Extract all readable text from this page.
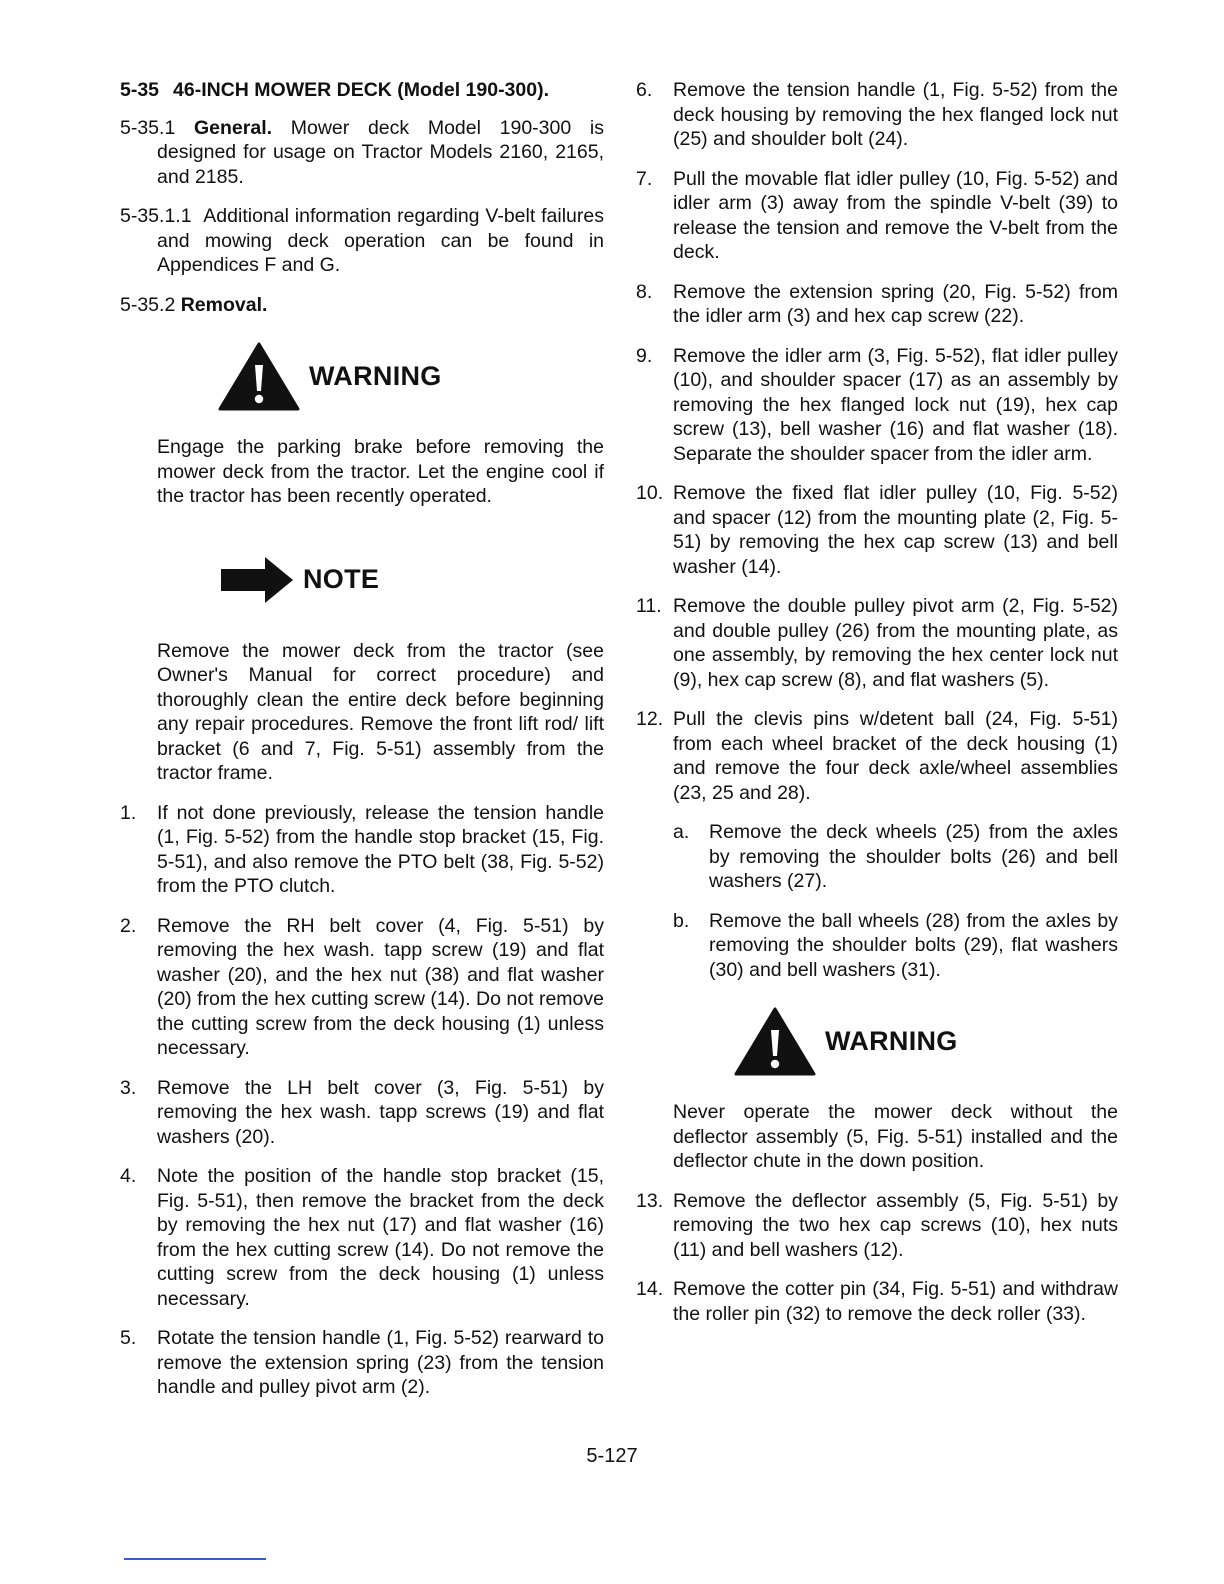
5-35 46-INCH MOWER DECK (Model 190-300).

5-35.1 General. Mower deck Model 190-300 is designed for usage on Tractor Models 2160, 2165, and 2185.

5-35.1.1 Additional information regarding V-belt failures and mowing deck operation can be found in Appendices F and G.

5-35.2
Removal.

WARNING

Engage the parking brake before removing the mower deck from the tractor. Let the engine cool if the tractor has been recently operated.

NOTE

Remove the mower deck from the tractor (see Owner's Manual for correct procedure) and thoroughly clean the entire deck before beginning any repair procedures. Remove the front lift rod/ lift bracket (6 and 7, Fig. 5-51) assembly from the tractor frame.

1.	If not done previously, release the tension handle (1, Fig. 5-52) from the handle stop bracket (15, Fig. 5-51), and also remove the PTO belt (38, Fig. 5-52) from the PTO clutch.
2.	Remove the RH belt cover (4, Fig. 5-51) by removing the hex wash. tapp screw (19) and flat washer (20), and the hex nut (38) and flat washer (20) from the hex cutting screw (14). Do not remove the cutting screw from the deck housing (1) unless necessary.
3.	Remove the LH belt cover (3, Fig. 5-51) by removing the hex wash. tapp screws (19) and flat washers (20).
4.	Note the position of the handle stop bracket (15, Fig. 5-51), then remove the bracket from the deck by removing the hex nut (17) and flat washer (16) from the hex cutting screw (14). Do not remove the cutting screw from the deck housing (1) unless necessary.
5.	Rotate the tension handle (1, Fig. 5-52) rearward to remove the extension spring (23) from the tension handle and pulley pivot arm (2).
6.	Remove the tension handle (1, Fig. 5-52) from the deck housing by removing the hex flanged lock nut (25) and shoulder bolt (24).
7.	Pull the movable flat idler pulley (10, Fig. 5-52) and idler arm (3) away from the spindle V-belt (39) to release the tension and remove the V-belt from the deck.
8.	Remove the extension spring (20, Fig. 5-52) from the idler arm (3) and hex cap screw (22).
9.	Remove the idler arm (3, Fig. 5-52), flat idler pulley (10), and shoulder spacer (17) as an assembly by removing the hex flanged lock nut (19), hex cap screw (13), bell washer (16) and flat washer (18). Separate the shoulder spacer from the idler arm.
10. Remove the fixed flat idler pulley (10, Fig. 5-52) and spacer (12) from the mounting plate (2, Fig. 5-51) by removing the hex cap screw (13) and bell washer (14).
11. Remove the double pulley pivot arm (2, Fig. 5-52) and double pulley (26) from the mounting plate, as one assembly, by removing the hex center lock nut (9), hex cap screw (8), and flat washers (5).
12. Pull the clevis pins w/detent ball (24, Fig. 5-51) from each wheel bracket of the deck housing (1) and remove the four deck axle/wheel assemblies (23, 25 and 28).
a.	Remove the deck wheels (25) from the axles by removing the shoulder bolts (26) and bell washers (27).
b.	Remove the ball wheels (28) from the axles by removing the shoulder bolts (29), flat washers (30) and bell washers (31).
WARNING

Never operate the mower deck without the deflector assembly (5, Fig. 5-51) installed and the deflector chute in the down position.

13. Remove the deflector assembly (5, Fig. 5-51) by removing the two hex cap screws (10), hex nuts (11) and bell washers (12).
14. Remove the cotter pin (34, Fig. 5-51) and withdraw the roller pin (32) to remove the deck roller (33).
5-127
